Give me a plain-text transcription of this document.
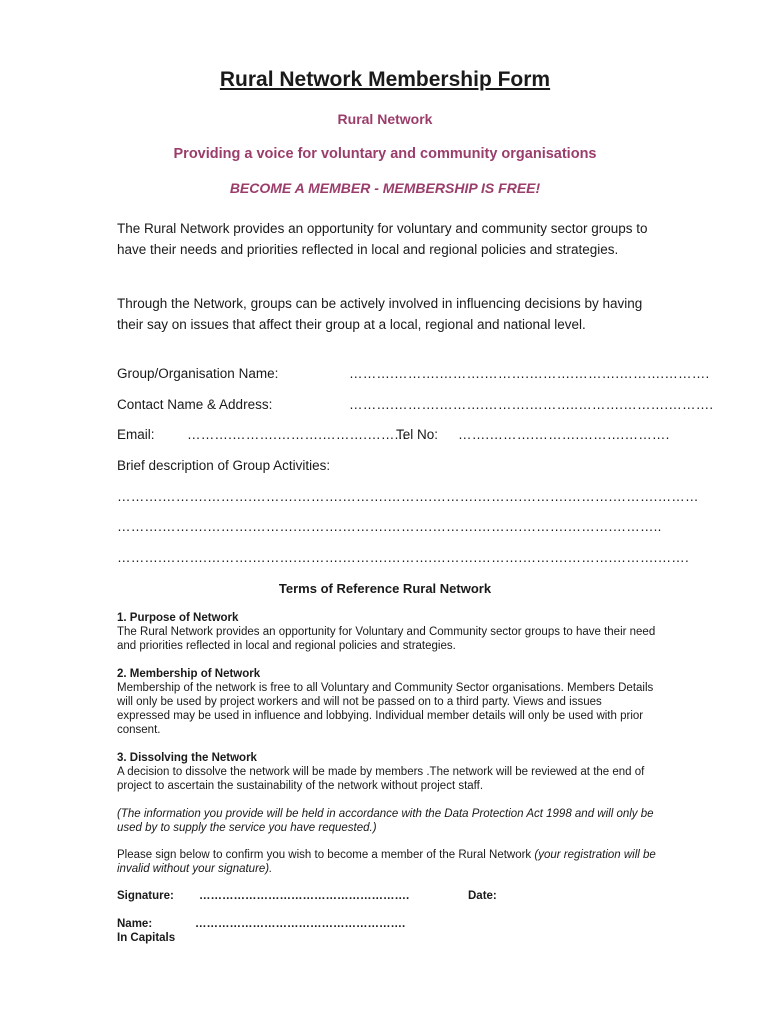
Rural Network Membership Form
Rural Network
Providing a voice for voluntary and community organisations
BECOME A MEMBER - MEMBERSHIP IS FREE!
The Rural Network provides an opportunity for voluntary and community sector groups to have their needs and priorities reflected in local and regional policies and strategies.
Through the Network, groups can be actively involved in influencing decisions by having their say on issues that affect their group at a local, regional and national level.
Group/Organisation Name:	……….……….……….……….……….……….……….……….
Contact Name & Address:	……….……….……….……….………..……….……….……….
Email: ……….……….……….……….……...
Tel No: …….……….……….……….……….
Brief description of Group Activities:
……….……….……….……….……….……….……….……….……….……….……….……….………
……….……….……….……….……….……….……….……….……….……….……….………..
……….……….……….……….……….……….……….……….……….……….……….……….…….
Terms of Reference Rural Network
1. Purpose of Network
The Rural Network provides an opportunity for Voluntary and Community sector groups to have their need and priorities reflected in local and regional policies and strategies.
2. Membership of Network
Membership of the network is free to all Voluntary and Community Sector organisations. Members Details will only be used by project workers and will not be passed on to a third party. Views and issues expressed may be used in influence and lobbying. Individual member details will only be used with prior consent.
3. Dissolving the Network
A decision to dissolve the network will be made by members .The network will be reviewed at the end of project to ascertain the sustainability of the network without project staff.
(The information you provide will be held in accordance with the Data Protection Act 1998 and will only be used by to supply the service you have requested.)
Please sign below to confirm you wish to become a member of the Rural Network (your registration will be invalid without your signature).
Signature: ……………………………………………….	Date:
Name:	……………………………………………….
In Capitals
